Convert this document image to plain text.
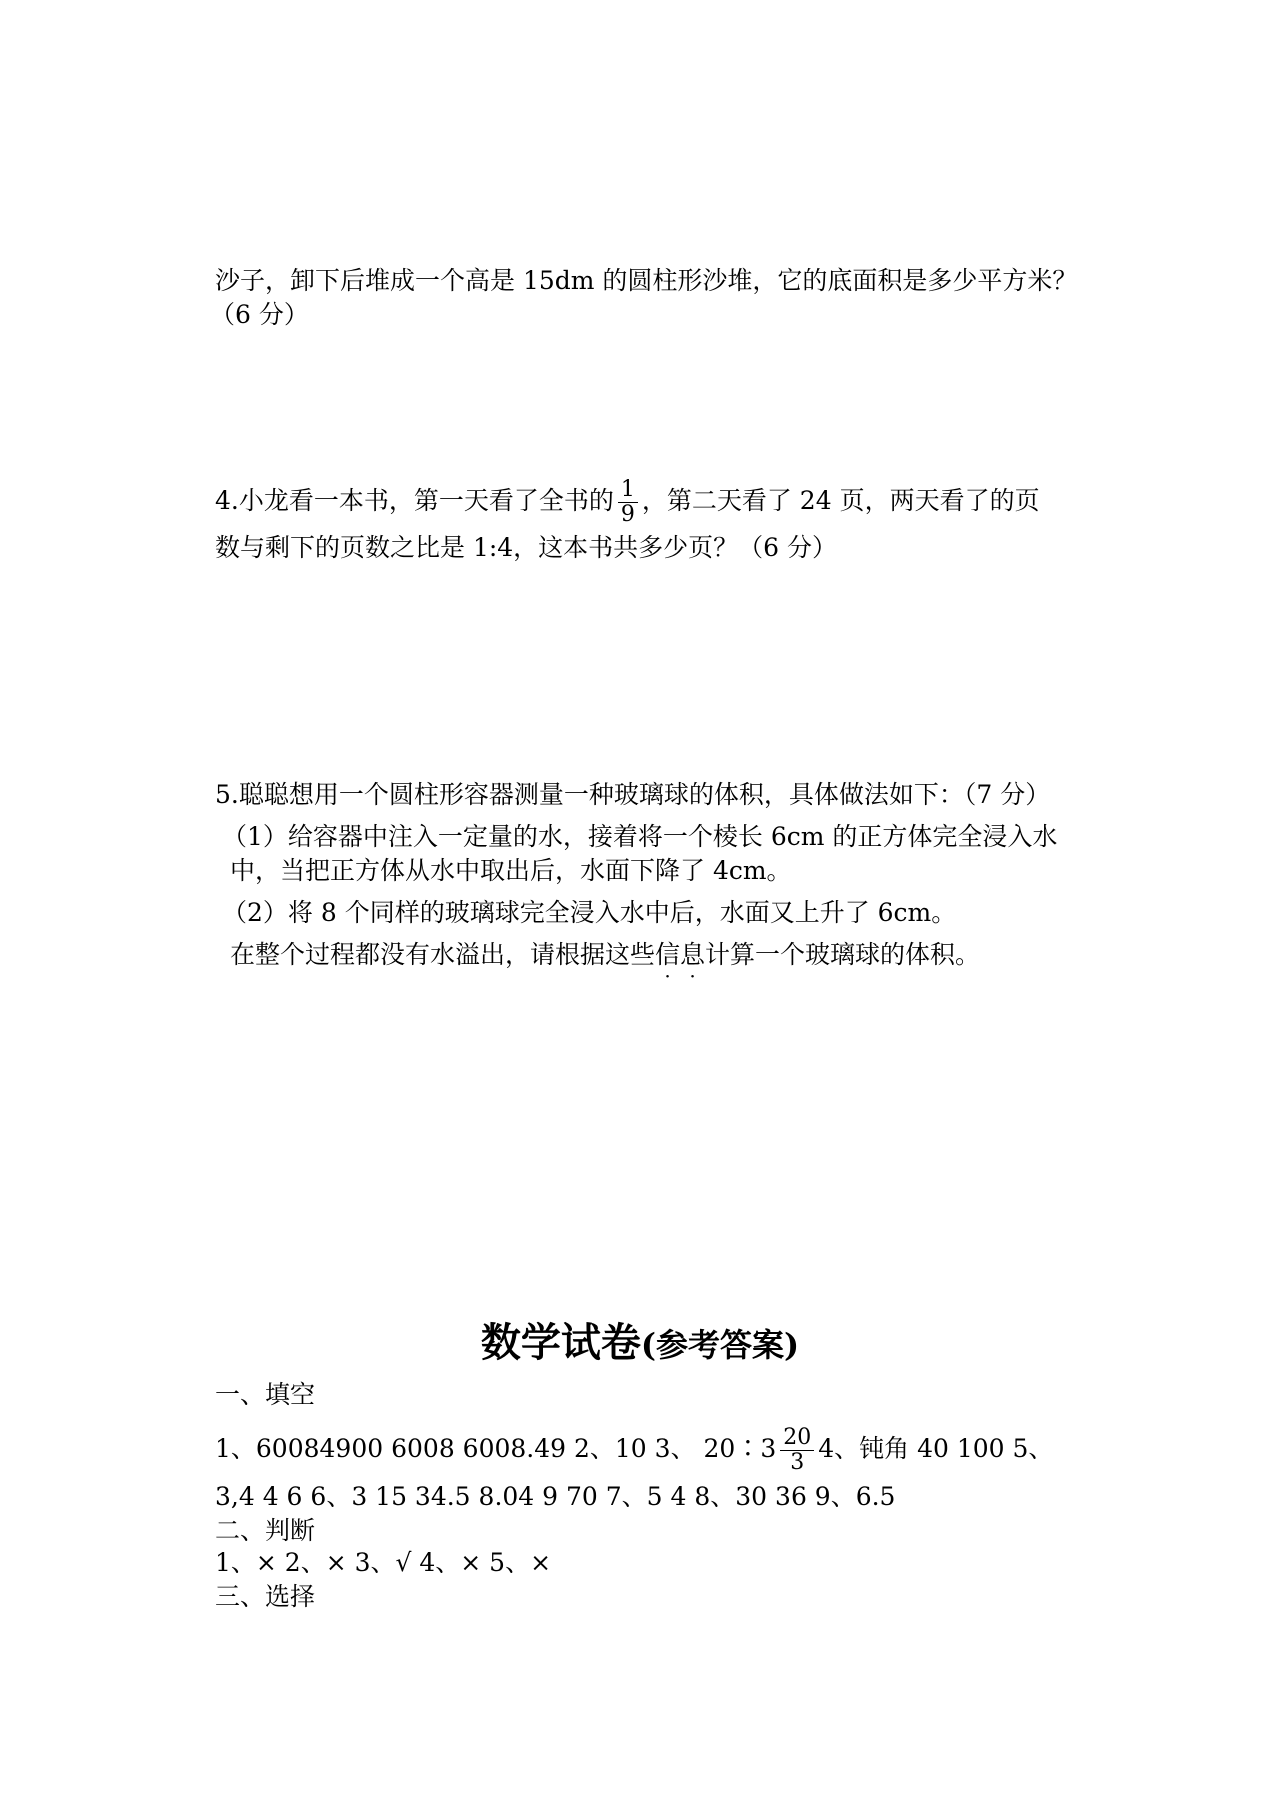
沙子，卸下后堆成一个高是 15dm 的圆柱形沙堆，它的底面积是多少平方米？
（6 分）
4.小龙看一本书，第一天看了全书的 $\frac{1}{9}$ ，第二天看了 24 页，两天看了的页
数与剩下的页数之比是 1:4，这本书共多少页？（6 分）
5.聪聪想用一个圆柱形容器测量一种玻璃球的体积，具体做法如下：（7 分）
（1）给容器中注入一定量的水，接着将一个棱长 6cm 的正方体完全浸入水
中，当把正方体从水中取出后，水面下降了 4cm。
（2）将 8 个同样的玻璃球完全浸入水中后，水面又上升了 6cm。
在整个过程都没有水溢出，请根据这些信息计算一个玻璃球的体积。
数学试卷(参考答案)
一、填空
1、60084900 6008 6008.49 2、10 3、 20∶3 $\frac{20}{3} 4$、钝角 40 100 5、
3,4 4 6 6、3 15 34.5 8.04 9 70 7、5 4 8、30 36 9、6.5
二、判断
1、× 2、× 3、√ 4、× 5、×
三、选择
